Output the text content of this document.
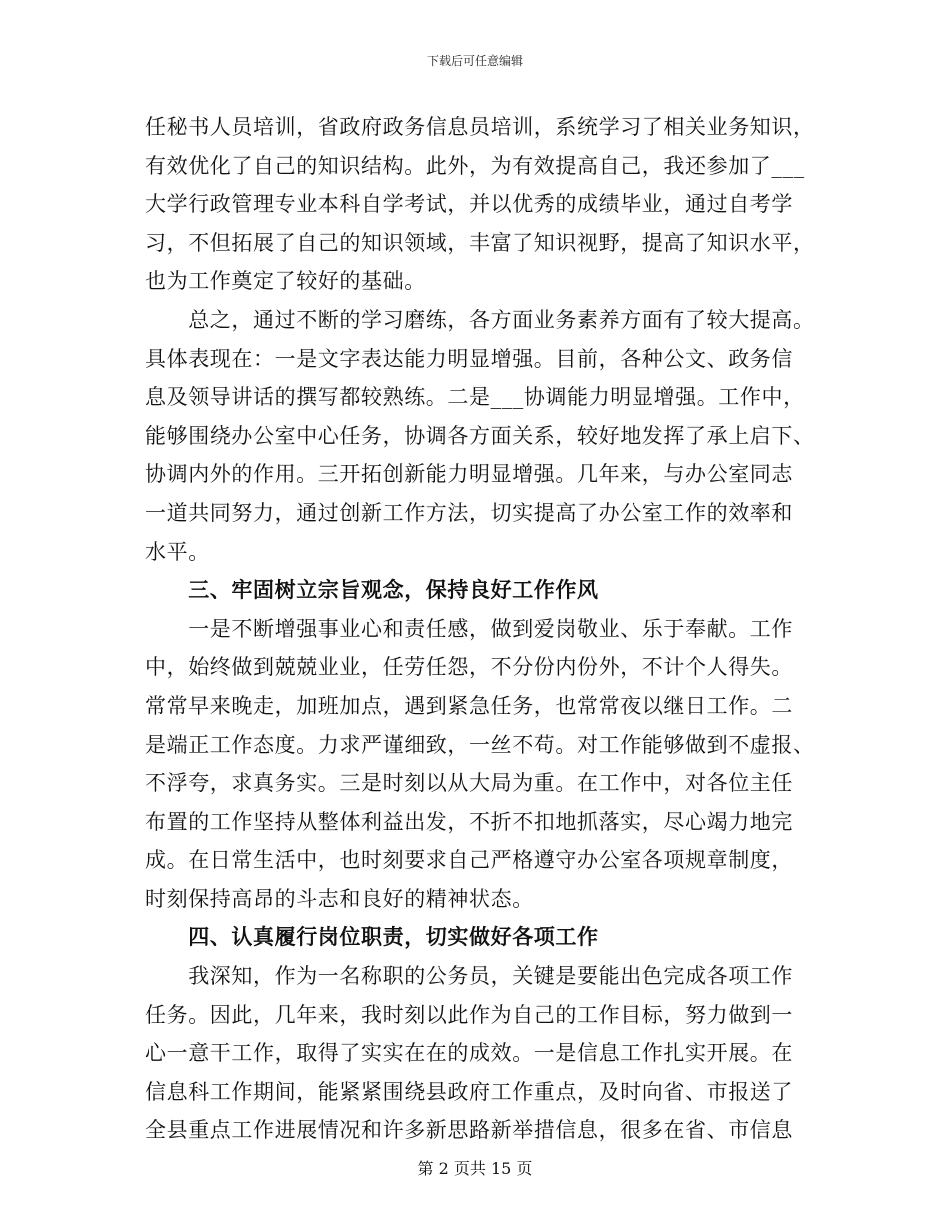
下载后可任意编辑
任秘书人员培训，省政府政务信息员培训，系统学习了相关业务知识，
有效优化了自己的知识结构。此外，为有效提高自己，我还参加了___
大学行政管理专业本科自学考试，并以优秀的成绩毕业，通过自考学
习，不但拓展了自己的知识领域，丰富了知识视野，提高了知识水平，
也为工作奠定了较好的基础。
　　总之，通过不断的学习磨练，各方面业务素养方面有了较大提高。
具体表现在：一是文字表达能力明显增强。目前，各种公文、政务信
息及领导讲话的撰写都较熟练。二是___协调能力明显增强。工作中，
能够围绕办公室中心任务，协调各方面关系，较好地发挥了承上启下、
协调内外的作用。三开拓创新能力明显增强。几年来，与办公室同志
一道共同努力，通过创新工作方法，切实提高了办公室工作的效率和
水平。
　　三、牢固树立宗旨观念，保持良好工作作风
　　一是不断增强事业心和责任感，做到爱岗敬业、乐于奉献。工作
中，始终做到兢兢业业，任劳任怨，不分份内份外，不计个人得失。
常常早来晚走，加班加点，遇到紧急任务，也常常夜以继日工作。二
是端正工作态度。力求严谨细致，一丝不苟。对工作能够做到不虚报、
不浮夸，求真务实。三是时刻以从大局为重。在工作中，对各位主任
布置的工作坚持从整体利益出发，不折不扣地抓落实，尽心竭力地完
成。在日常生活中，也时刻要求自己严格遵守办公室各项规章制度，
时刻保持高昂的斗志和良好的精神状态。
　　四、认真履行岗位职责，切实做好各项工作
　　我深知，作为一名称职的公务员，关键是要能出色完成各项工作
任务。因此，几年来，我时刻以此作为自己的工作目标，努力做到一
心一意干工作，取得了实实在在的成效。一是信息工作扎实开展。在
信息科工作期间，能紧紧围绕县政府工作重点，及时向省、市报送了
全县重点工作进展情况和许多新思路新举措信息，很多在省、市信息
第 2 页共 15 页
